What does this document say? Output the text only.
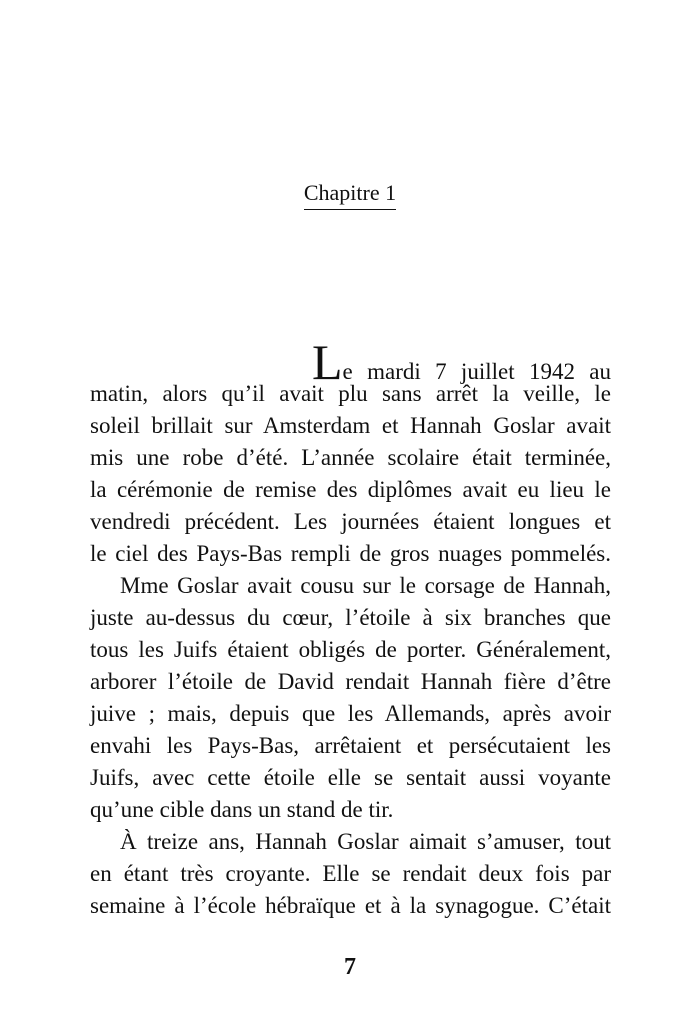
Chapitre 1
Le mardi 7 juillet 1942 au
matin, alors qu’il avait plu sans arrêt la veille, le
soleil brillait sur Amsterdam et Hannah Goslar avait
mis une robe d’été. L’année scolaire était terminée,
la cérémonie de remise des diplômes avait eu lieu le
vendredi précédent. Les journées étaient longues et
le ciel des Pays-Bas rempli de gros nuages pommelés.
Mme Goslar avait cousu sur le corsage de Hannah,
juste au-dessus du cœur, l’étoile à six branches que
tous les Juifs étaient obligés de porter. Généralement,
arborer l’étoile de David rendait Hannah fière d’être
juive ; mais, depuis que les Allemands, après avoir
envahi les Pays-Bas, arrêtaient et persécutaient les
Juifs, avec cette étoile elle se sentait aussi voyante
qu’une cible dans un stand de tir.
À treize ans, Hannah Goslar aimait s’amuser, tout
en étant très croyante. Elle se rendait deux fois par
semaine à l’école hébraïque et à la synagogue. C’était
7
